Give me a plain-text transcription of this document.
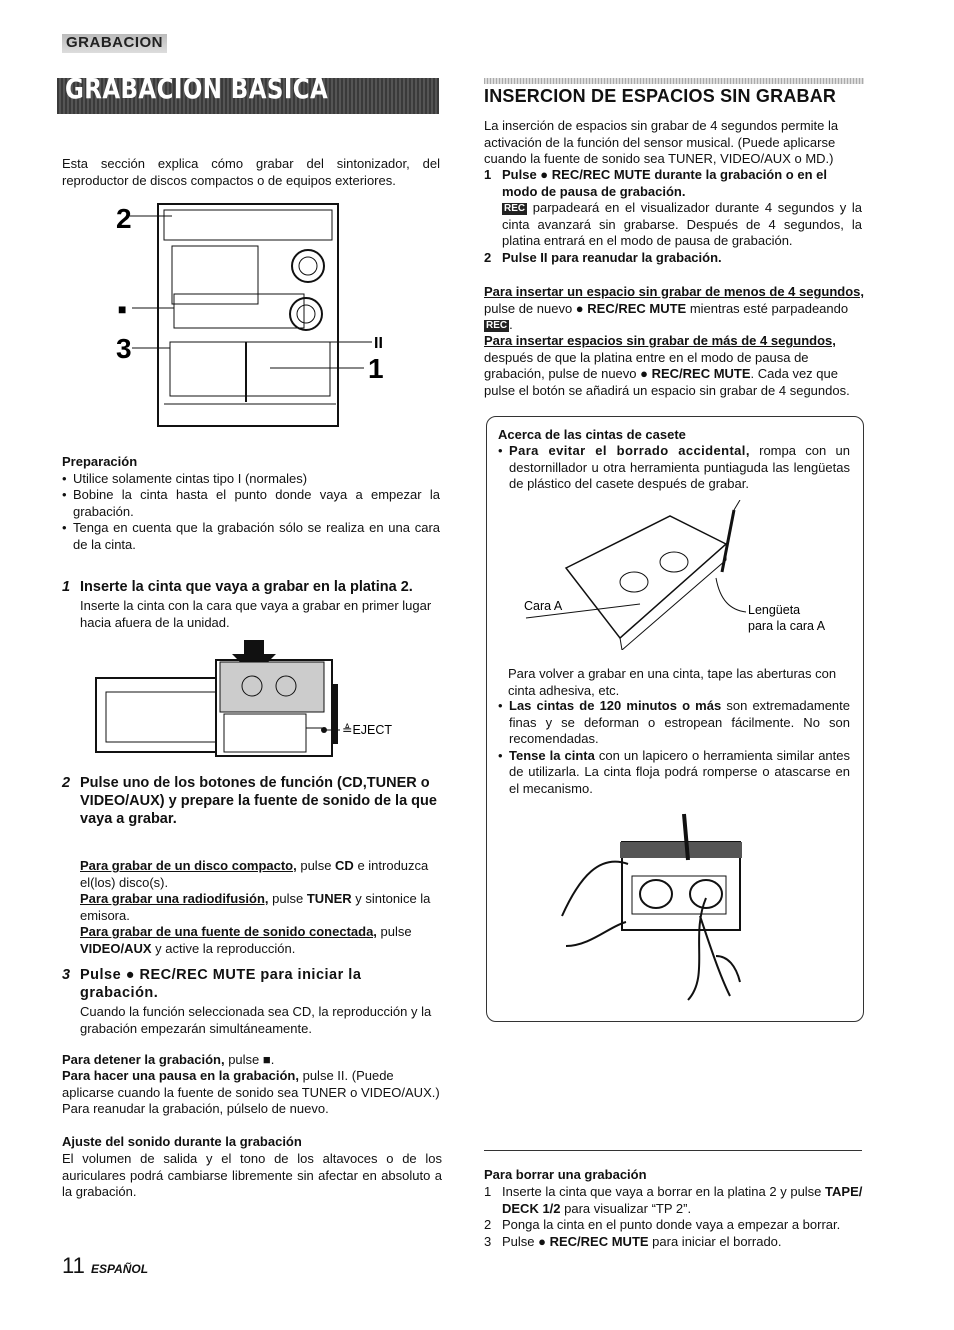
GRABACION
GRABACION BASICA	INSERCION DE ESPACIOS SIN GRABAR

Esta sección explica cómo grabar del sintonizador, del reproductor de discos compactos o de equipos exteriores.

2
■
3	II
1
Preparación
• Utilice solamente cintas tipo I (normales)
• Bobine la cinta hasta el punto donde vaya a empezar la grabación.
• Tenga en cuenta que la grabación sólo se realiza en una cara de la cinta.
1 Inserte la cinta que vaya a grabar en la platina 2.

Inserte la cinta con la cara que vaya a grabar en primer lugar hacia afuera de la unidad.

≜EJECT
2 Pulse uno de los botones de función (CD,TUNER o VIDEO/AUX) y prepare la fuente de sonido de la que vaya a grabar.

Para grabar de un disco compacto, pulse CD e introduzca el(los) disco(s).

Para grabar una radiodifusión, pulse TUNER y sintonice la emisora.

Para grabar de una fuente de sonido conectada, pulse VIDEO/AUX y active la reproducción.

3 Pulse ● REC/REC MUTE para iniciar la grabación.

Cuando la función seleccionada sea CD, la reproducción y la grabación empezarán simultáneamente.

Para detener la grabación, pulse ■.

Para hacer una pausa en la grabación, pulse II. (Puede aplicarse cuando la fuente de sonido sea TUNER o VIDEO/AUX.)

Para reanudar la grabación, púlselo de nuevo.

Ajuste del sonido durante la grabación

El volumen de salida y el tono de los altavoces o de los auriculares podrá cambiarse libremente sin afectar en absoluto a la grabación.

La inserción de espacios sin grabar de 4 segundos permite la activación de la función del sensor musical. (Puede aplicarse cuando la fuente de sonido sea TUNER, VIDEO/AUX o MD.)

1 Pulse ● REC/REC MUTE durante la grabación o en el modo de pausa de grabación.

REC parpadeará en el visualizador durante 4 segundos y la cinta avanzará sin grabarse. Después de 4 segundos, la platina entrará en el modo de pausa de grabación.

2 Pulse II para reanudar la grabación.

Para insertar un espacio sin grabar de menos de 4 segundos,
pulse de nuevo ● REC/REC MUTE mientras esté parpadeando
REC .

Para insertar espacios sin grabar de más de 4 segundos, después de que la platina entre en el modo de pausa de grabación, pulse de nuevo ● REC/REC MUTE. Cada vez que pulse el botón se añadirá un espacio sin grabar de 4 segundos.

Acerca de las cintas de casete
• Para evitar el borrado accidental, rompa con un destornillador u otra herramienta puntiaguda las lengüetas de plástico del casete después de grabar.
Cara A	Lengüeta
para la cara A

Para volver a grabar en una cinta, tape las aberturas con cinta adhesiva, etc.

• Las cintas de 120 minutos o más son extremadamente finas y se deforman o estropean fácilmente. No son recomendadas.
• Tense la cinta con un lapicero o herramienta similar antes de utilizarla. La cinta floja podrá romperse o atascarse en el mecanismo.
Para borrar una grabación
1 Inserte la cinta que vaya a borrar en la platina 2 y pulse TAPE/ DECK 1/2 para visualizar “TP 2”.
2 Ponga la cinta en el punto donde vaya a empezar a borrar.
3 Pulse ● REC/REC MUTE para iniciar el borrado.
11 ESPAÑOL
